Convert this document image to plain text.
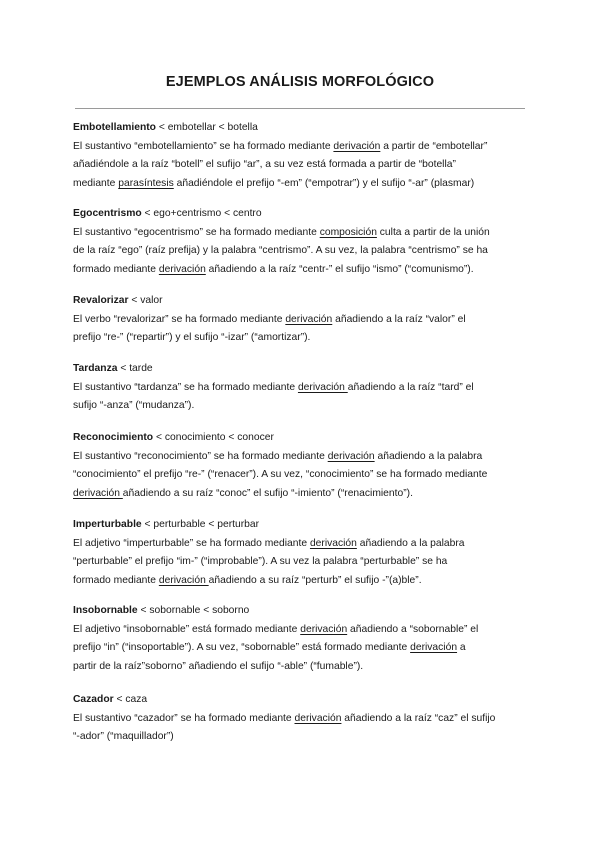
EJEMPLOS ANÁLISIS MORFOLÓGICO

Embotellamiento < embotellar < botella

El sustantivo “embotellamiento” se ha formado mediante derivación a partir de “embotellar”

añadiéndole a la raíz “botell” el sufijo “ar”, a su vez está formada a partir de “botella”

mediante parasíntesis añadiéndole el prefijo “-em” (“empotrar”) y el sufijo “-ar” (plasmar)

Egocentrismo < ego+centrismo < centro

El sustantivo “egocentrismo” se ha formado mediante composición culta a partir de la unión

de la raíz “ego” (raíz prefija) y la palabra “centrismo”. A su vez, la palabra “centrismo” se ha

formado mediante derivación añadiendo a la raíz “centr-” el sufijo “ismo” (“comunismo”).

Revalorizar < valor

El verbo “revalorizar” se ha formado mediante derivación añadiendo a la raíz “valor” el

prefijo “re-” (“repartir”) y el sufijo “-izar” (“amortizar”).

Tardanza < tarde

El sustantivo “tardanza” se ha formado mediante derivación añadiendo a la raíz “tard” el

sufijo “-anza” (“mudanza”).

Reconocimiento < conocimiento < conocer

El sustantivo “reconocimiento” se ha formado mediante derivación añadiendo a la palabra

“conocimiento” el prefijo “re-” (“renacer”). A su vez, “conocimiento” se ha formado mediante

derivación añadiendo a su raíz “conoc” el sufijo “-imiento” (“renacimiento”).

Imperturbable < perturbable < perturbar

El adjetivo “imperturbable” se ha formado mediante derivación añadiendo a la palabra

“perturbable” el prefijo “im-” (“improbable”). A su vez la palabra “perturbable” se ha

formado mediante derivación añadiendo a su raíz “perturb” el sufijo -”(a)ble”.

Insobornable < sobornable < soborno

El adjetivo “insobornable” está formado mediante derivación añadiendo a “sobornable” el

prefijo “in” (“insoportable”). A su vez, “sobornable” está formado mediante derivación a

partir de la raíz”soborno” añadiendo el sufijo “-able” (“fumable”).

Cazador < caza

El sustantivo “cazador” se ha formado mediante derivación añadiendo a la raíz “caz” el sufijo

“-ador” (“maquillador”)
